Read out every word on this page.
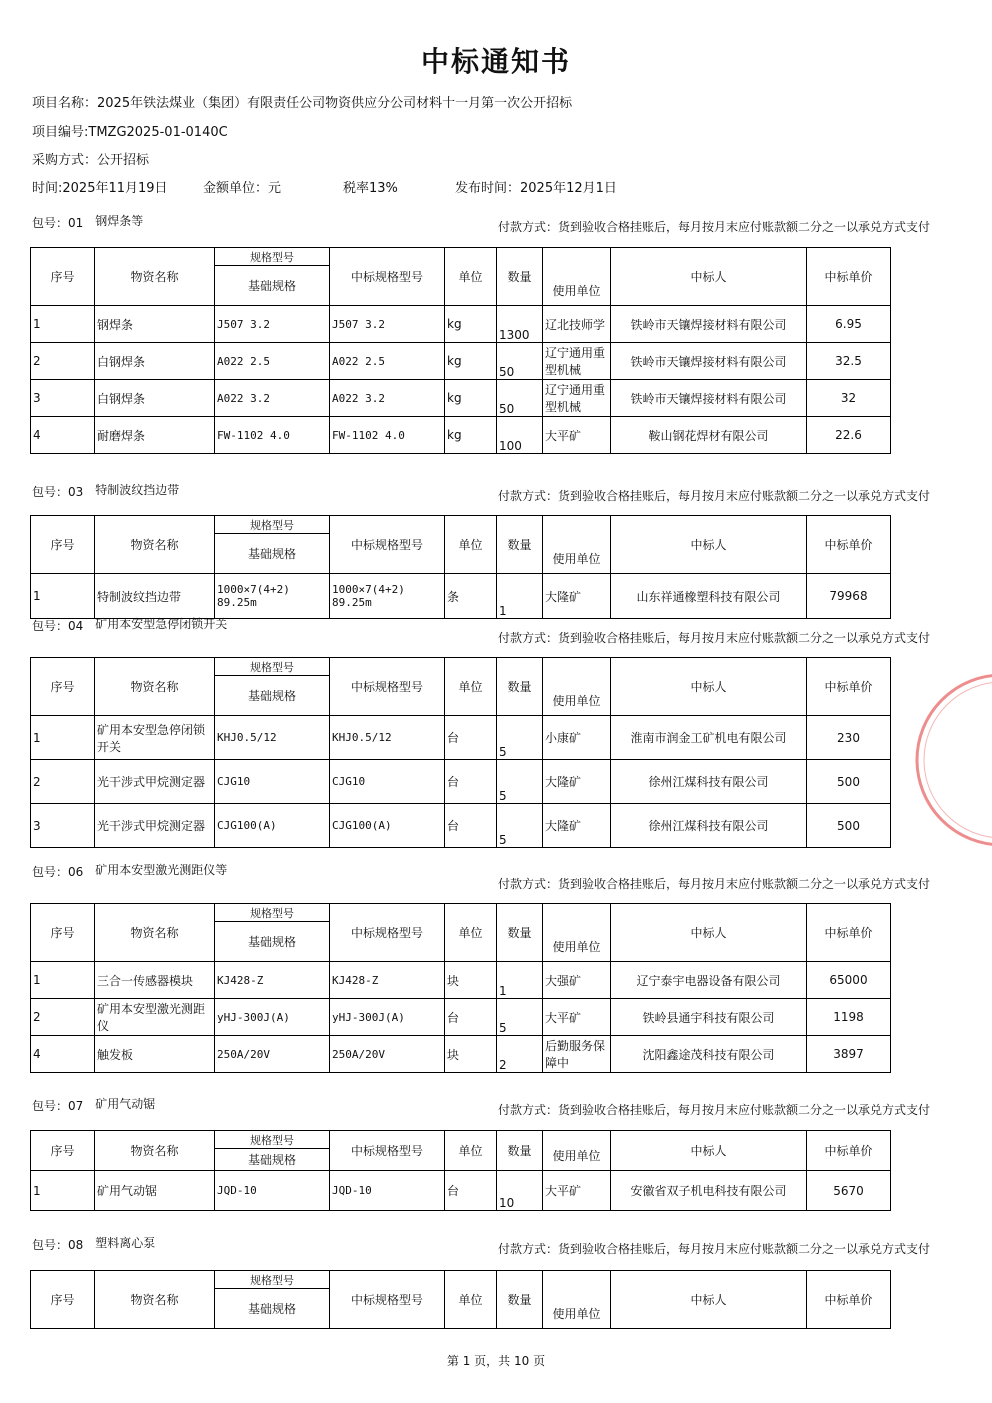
中标通知书
项目名称：2025年铁法煤业（集团）有限责任公司物资供应分公司材料十一月第一次公开招标
项目编号:TMZG2025-01-0140C
采购方式：公开招标
时间:2025年11月19日	金额单位：元	税率13%	发布时间：2025年12月1日
包号：01 钢焊条等	付款方式：货到验收合格挂账后，每月按月末应付账款额二分之一以承兑方式支付
序号	物资名称	规格型号	中标规格型号	单位	数量	使用单位	中标人	中标单价
		基础规格						
1	钢焊条	J507 3.2	J507 3.2	kg	1300	辽北技师学	铁岭市天镶焊接材料有限公司	6.95
2	白钢焊条	A022 2.5	A022 2.5	kg	50	辽宁通用重型机械	铁岭市天镶焊接材料有限公司	32.5
3	白钢焊条	A022 3.2	A022 3.2	kg	50	辽宁通用重型机械	铁岭市天镶焊接材料有限公司	32
4	耐磨焊条	FW-1102 4.0	FW-1102 4.0	kg	100	大平矿	鞍山钢花焊材有限公司	22.6
包号：03 特制波纹挡边带	付款方式：货到验收合格挂账后，每月按月末应付账款额二分之一以承兑方式支付
序号	物资名称	规格型号	中标规格型号	单位	数量	使用单位	中标人	中标单价
		基础规格						
1	特制波纹挡边带	1000×7(4+2) 89.25m	1000×7(4+2) 89.25m	条	1	大隆矿	山东祥通橡塑科技有限公司	79968
包号：04 矿用本安型急停闭锁开关
付款方式：货到验收合格挂账后，每月按月末应付账款额二分之一以承兑方式支付
序号	物资名称	规格型号	中标规格型号	单位	数量	使用单位	中标人	中标单价
		基础规格						
1	矿用本安型急停闭锁开关	KHJ0.5/12	KHJ0.5/12	台	5	小康矿	淮南市润金工矿机电有限公司	230
2	光干涉式甲烷测定器	CJG10	CJG10	台	5	大隆矿	徐州江煤科技有限公司	500
3	光干涉式甲烷测定器	CJG100(A)	CJG100(A)	台	5	大隆矿	徐州江煤科技有限公司	500
包号：06 矿用本安型激光测距仪等
付款方式：货到验收合格挂账后，每月按月末应付账款额二分之一以承兑方式支付
序号	物资名称	规格型号	中标规格型号	单位	数量	使用单位	中标人	中标单价
		基础规格						
1	三合一传感器模块	KJ428-Z	KJ428-Z	块	1	大强矿	辽宁泰宇电器设备有限公司	65000
2	矿用本安型激光测距仪	yHJ-300J(A)	yHJ-300J(A)	台	5	大平矿	铁岭县通宇科技有限公司	1198
4	触发板	250A/20V	250A/20V	块	2	后勤服务保障中	沈阳鑫途茂科技有限公司	3897
包号：07 矿用气动锯	付款方式：货到验收合格挂账后，每月按月末应付账款额二分之一以承兑方式支付
序号	物资名称	规格型号	中标规格型号	单位	数量	使用单位	中标人	中标单价
		基础规格						
1	矿用气动锯	JQD-10	JQD-10	台	10	大平矿	安徽省双子机电科技有限公司	5670
包号：08 塑料离心泵	付款方式：货到验收合格挂账后，每月按月末应付账款额二分之一以承兑方式支付
序号	物资名称	规格型号	中标规格型号	单位	数量	使用单位	中标人	中标单价
基础规格
第 1 页，共 10 页
